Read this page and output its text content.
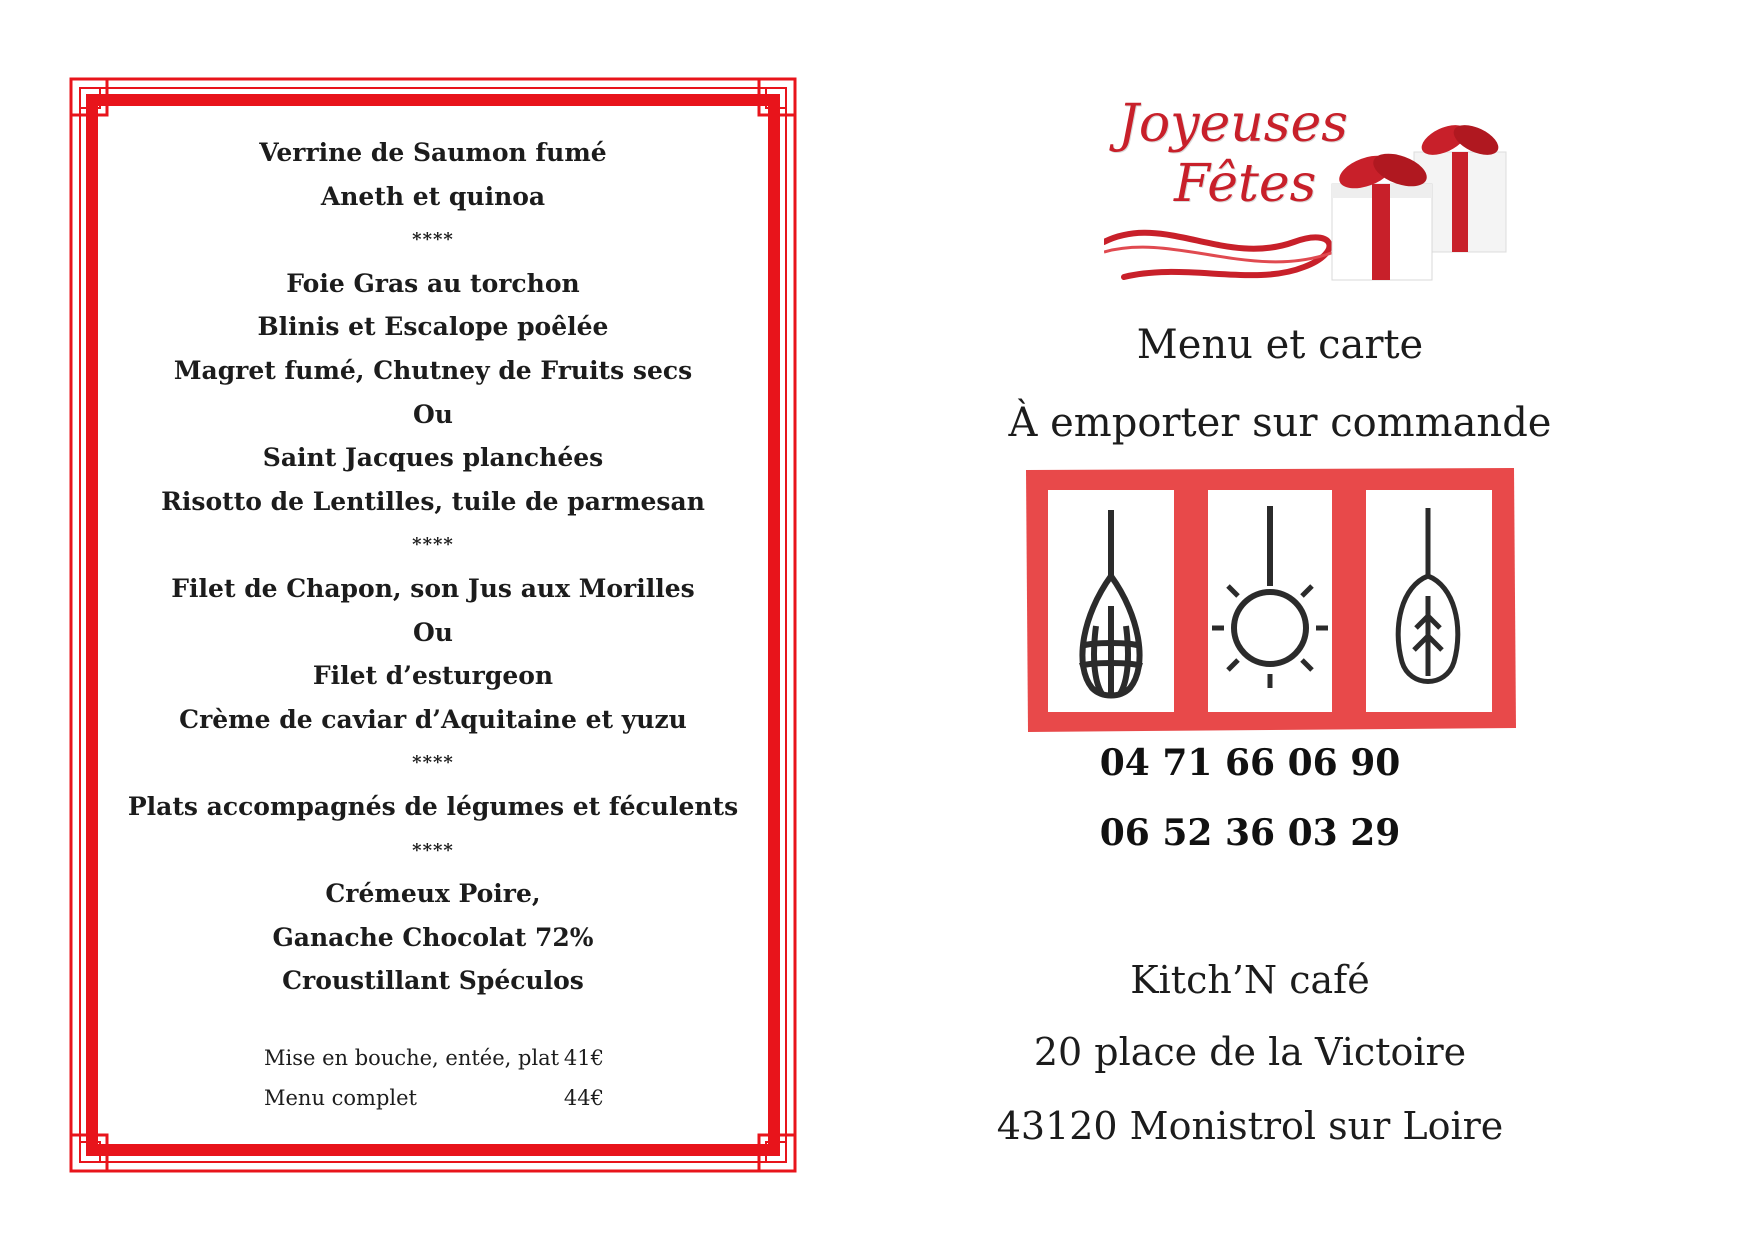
Verrine de Saumon fumé
Aneth et quinoa
****
Foie Gras au torchon
Blinis et Escalope poêlée
Magret fumé, Chutney de Fruits secs
Ou
Saint Jacques planchées
Risotto de Lentilles, tuile de parmesan
****
Filet de Chapon, son Jus aux Morilles
Ou
Filet d’esturgeon
Crème de caviar d’Aquitaine et yuzu
****
Plats accompagnés de légumes et féculents
****
Crémeux Poire,
Ganache Chocolat 72%
Croustillant Spéculos
Mise en bouche, entée, plat 41€
Menu complet	44€
Joyeuses
Fêtes
Menu et carte
À emporter sur commande
04 71 66 06 90
06 52 36 03 29
Kitch’N café
20 place de la Victoire
43120 Monistrol sur Loire
